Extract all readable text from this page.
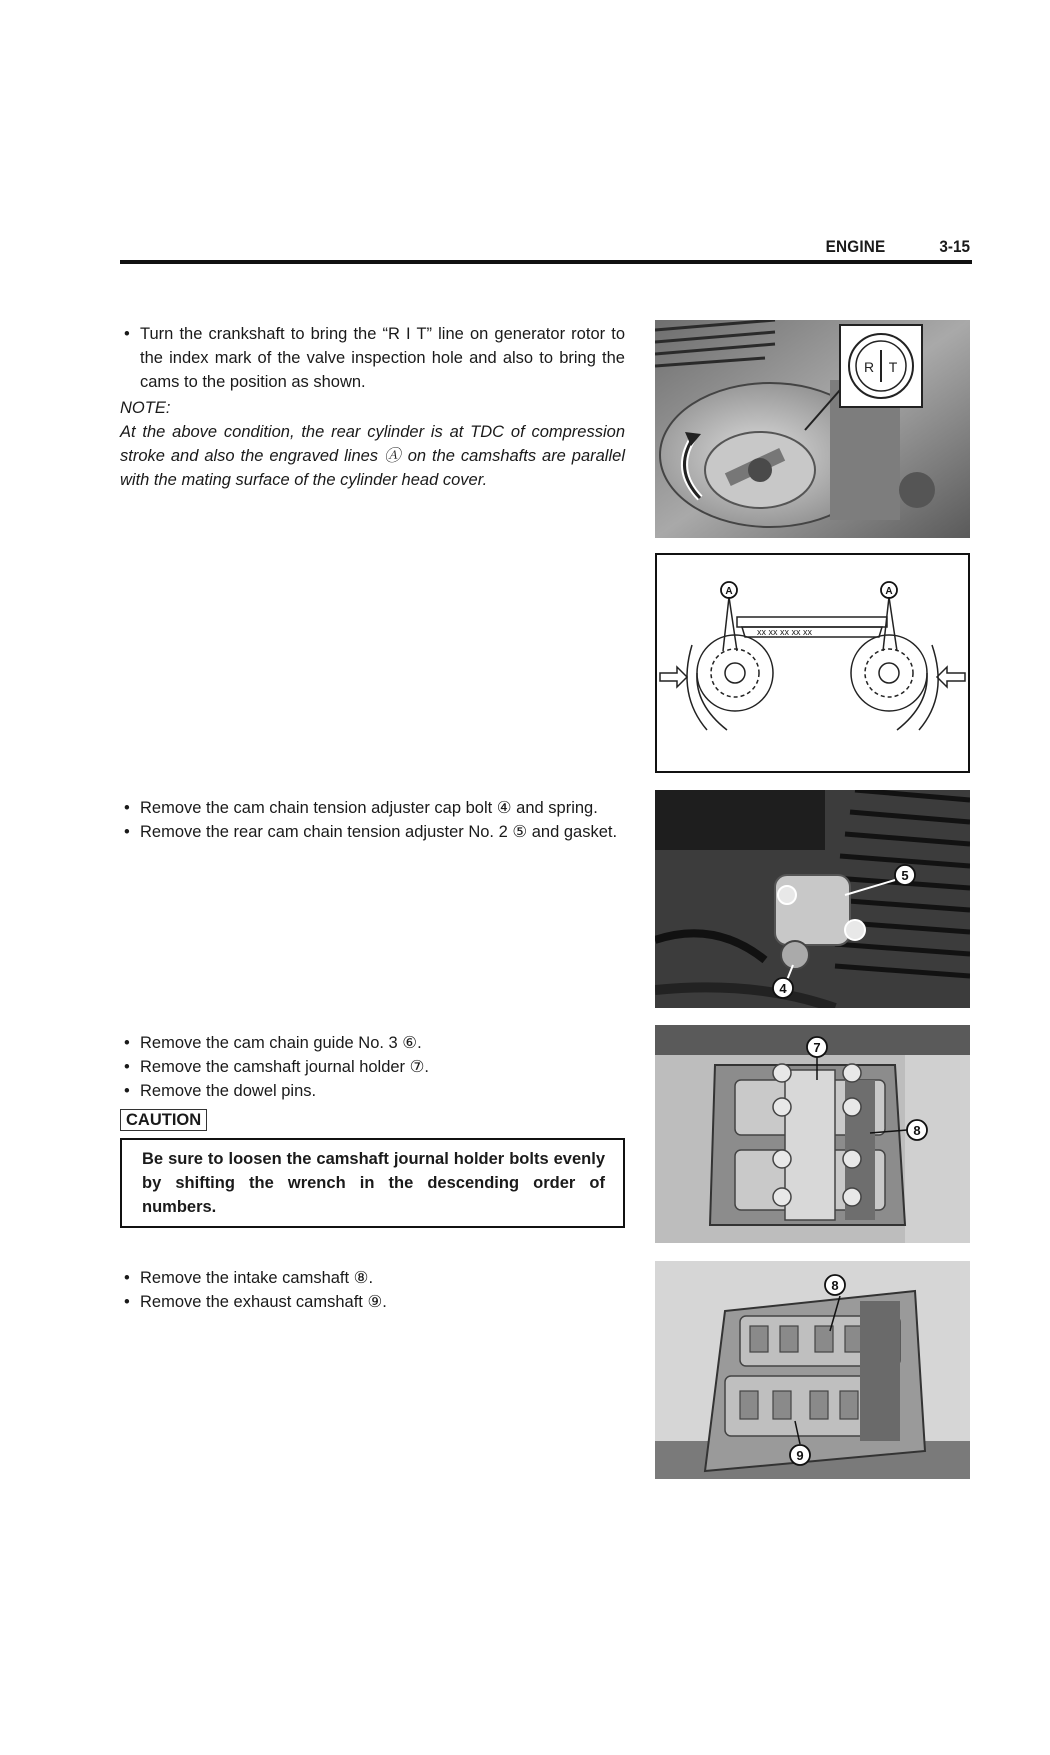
ENGINE	3-15
• Turn the crankshaft to bring the “R I T” line on generator rotor to the index mark of the valve inspection hole and also to bring the cams to the position as shown.
NOTE:
At the above condition, the rear cylinder is at TDC of compression stroke and also the engraved lines Ⓐ on the camshafts are parallel with the mating surface of the cylinder head cover.
• Remove the cam chain tension adjuster cap bolt ④ and spring.
• Remove the rear cam chain tension adjuster No. 2 ⑤ and gasket.
• Remove the cam chain guide No. 3 ⑥.
• Remove the camshaft journal holder ⑦.
• Remove the dowel pins.
CAUTION
Be sure to loosen the camshaft journal holder bolts evenly by shifting the wrench in the descending order of numbers.
• Remove the intake camshaft ⑧.
• Remove the exhaust camshaft ⑨.
R T
xx xx xx xx xx
A	A
4
5
7
8
8
9
